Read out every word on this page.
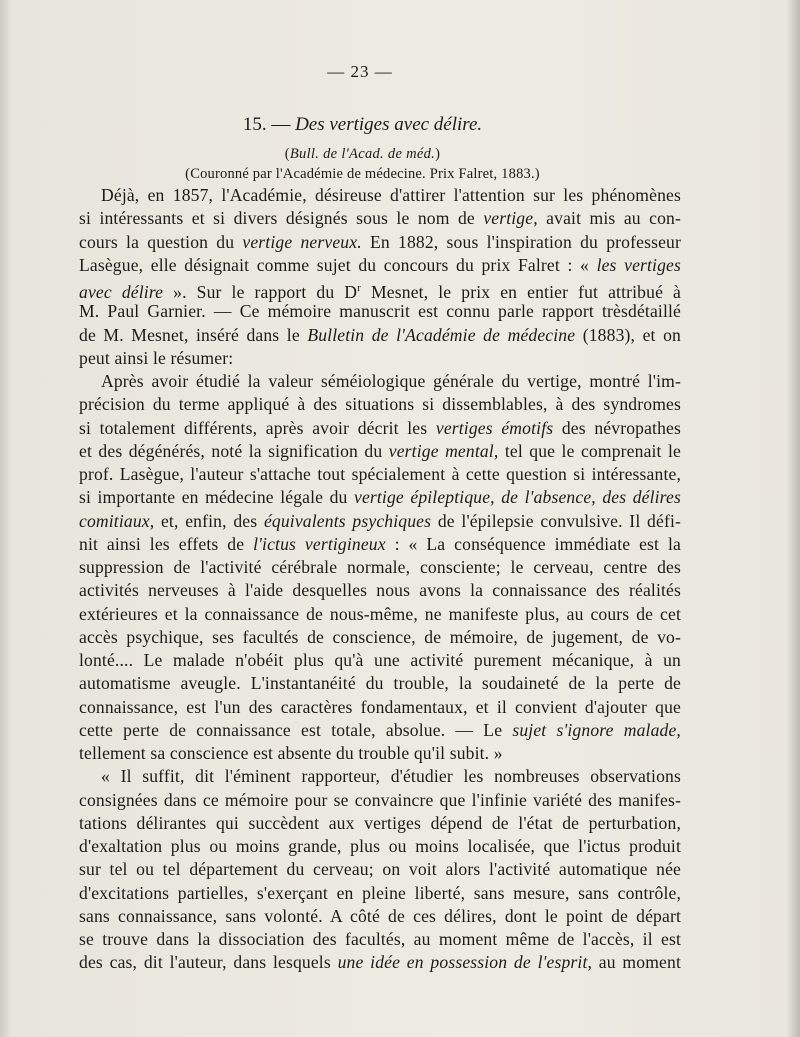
— 23 —
15. — Des vertiges avec délire.
(Bull. de l'Acad. de méd.)
(Couronné par l'Académie de médecine. Prix Falret, 1883.)
Déjà, en 1857, l'Académie, désireuse d'attirer l'attention sur les phénomènes
si intéressants et si divers désignés sous le nom de vertige, avait mis au con-
cours la question du vertige nerveux. En 1882, sous l'inspiration du professeur
Lasègue, elle désignait comme sujet du concours du prix Falret : « les vertiges
avec délire ». Sur le rapport du $D^r$ Mesnet, le prix en entier fut attribué à
M. Paul Garnier. — Ce mémoire manuscrit est connu parle rapport trèsdétaillé
de M. Mesnet, inséré dans le Bulletin de l'Académie de médecine (1883), et on
peut ainsi le résumer:
Après avoir étudié la valeur séméiologique générale du vertige, montré l'im-
précision du terme appliqué à des situations si dissemblables, à des syndromes
si totalement différents, après avoir décrit les vertiges émotifs des névropathes
et des dégénérés, noté la signification du vertige mental, tel que le comprenait le
prof. Lasègue, l'auteur s'attache tout spécialement à cette question si intéressante,
si importante en médecine légale du vertige épileptique, de l'absence, des délires
comitiaux, et, enfin, des équivalents psychiques de l'épilepsie convulsive. Il défi-
nit ainsi les effets de l'ictus vertigineux : « La conséquence immédiate est la
suppression de l'activité cérébrale normale, consciente; le cerveau, centre des
activités nerveuses à l'aide desquelles nous avons la connaissance des réalités
extérieures et la connaissance de nous-même, ne manifeste plus, au cours de cet
accès psychique, ses facultés de conscience, de mémoire, de jugement, de vo-
lonté.... Le malade n'obéit plus qu'à une activité purement mécanique, à un
automatisme aveugle. L'instantanéité du trouble, la soudaineté de la perte de
connaissance, est l'un des caractères fondamentaux, et il convient d'ajouter que
cette perte de connaissance est totale, absolue. — Le sujet s'ignore malade,
tellement sa conscience est absente du trouble qu'il subit. »
« Il suffit, dit l'éminent rapporteur, d'étudier les nombreuses observations
consignées dans ce mémoire pour se convaincre que l'infinie variété des manifes-
tations délirantes qui succèdent aux vertiges dépend de l'état de perturbation,
d'exaltation plus ou moins grande, plus ou moins localisée, que l'ictus produit
sur tel ou tel département du cerveau; on voit alors l'activité automatique née
d'excitations partielles, s'exerçant en pleine liberté, sans mesure, sans contrôle,
sans connaissance, sans volonté. A côté de ces délires, dont le point de départ
se trouve dans la dissociation des facultés, au moment même de l'accès, il est
des cas, dit l'auteur, dans lesquels une idée en possession de l'esprit, au moment
